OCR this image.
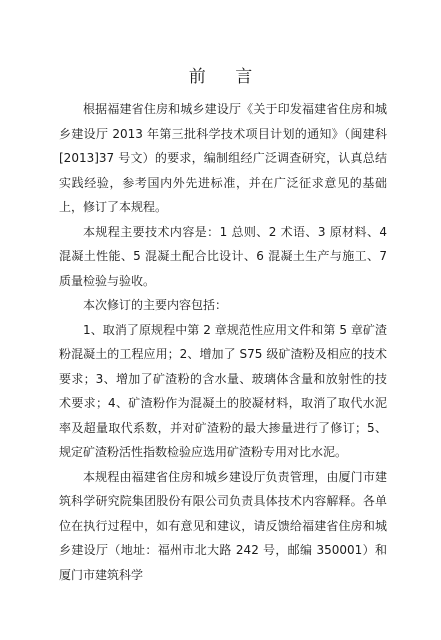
前 言

根据福建省住房和城乡建设厅《关于印发福建省住房和城乡建设厅 2013 年第三批科学技术项目计划的通知》（闽建科[2013]37 号文）的要求，编制组经广泛调查研究，认真总结实践经验，参考国内外先进标准，并在广泛征求意见的基础上，修订了本规程。

本规程主要技术内容是：1 总则、2 术语、3 原材料、4 混凝土性能、5 混凝土配合比设计、6 混凝土生产与施工、7 质量检验与验收。

本次修订的主要内容包括：

1、取消了原规程中第 2 章规范性应用文件和第 5 章矿渣粉混凝土的工程应用；2、增加了 S75 级矿渣粉及相应的技术要求；3、增加了矿渣粉的含水量、玻璃体含量和放射性的技术要求；4、矿渣粉作为混凝土的胶凝材料，取消了取代水泥率及超量取代系数，并对矿渣粉的最大掺量进行了修订；5、规定矿渣粉活性指数检验应选用矿渣粉专用对比水泥。

本规程由福建省住房和城乡建设厅负责管理，由厦门市建筑科学研究院集团股份有限公司负责具体技术内容解释。各单位在执行过程中，如有意见和建议，请反馈给福建省住房和城乡建设厅（地址：福州市北大路 242 号，邮编 350001）和厦门市建筑科学
